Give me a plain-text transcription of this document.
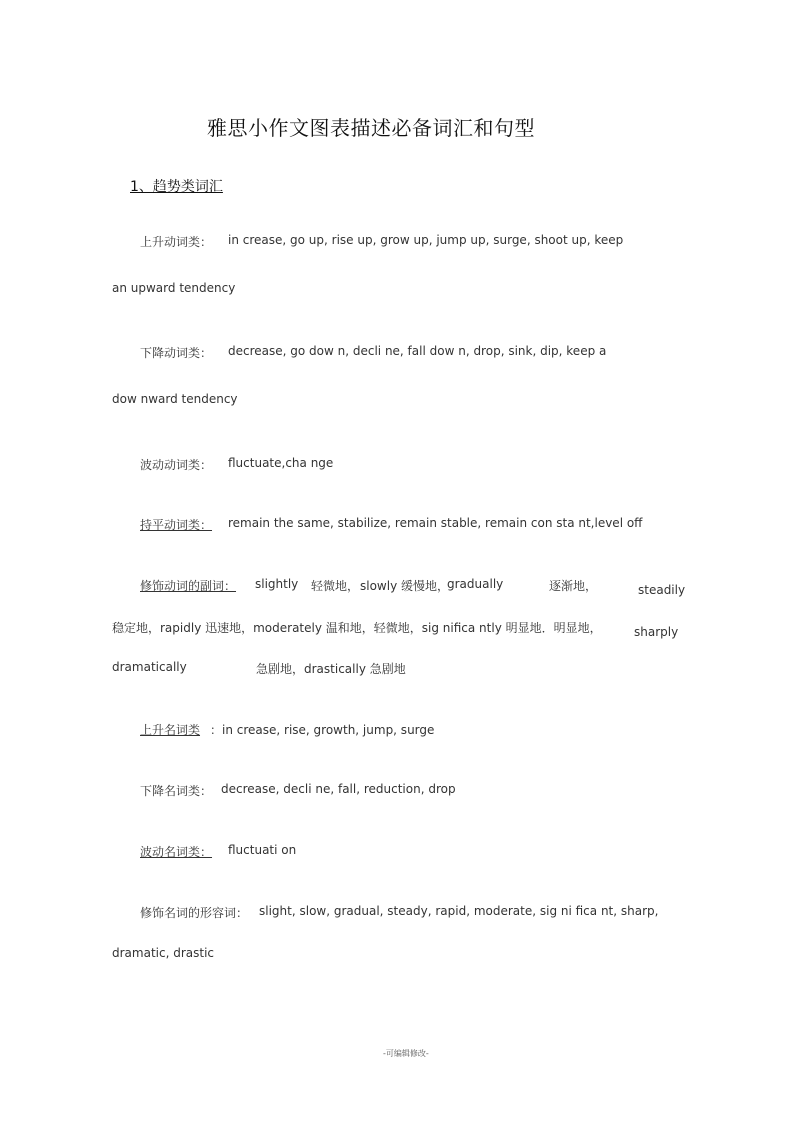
雅思小作文图表描述必备词汇和句型
1、趋势类词汇
上升动词类： in crease, go up, rise up, grow up, jump up, surge, shoot up, keep
an upward tendency
下降动词类： decrease, go dow n, decli ne, fall dow n, drop, sink, dip, keep a
dow nward tendency
波动动词类： fluctuate,cha nge
持平动词类： remain the same, stabilize, remain stable, remain con sta nt,level off
修饰动词的副词： slightly 轻微地， slowly 缓慢地，
gradually	逐渐地，	steadily
稳定地，rapidly 迅速地，moderately 温和地，轻微地，sig nifica ntly 明显地．明显地，	sharply
dramatically	急剧地，drastically 急剧地
上升名词类 ：in crease, rise, growth, jump, surge
下降名词类： decrease, decli ne, fall, reduction, drop
波动名词类： fluctuati on
修饰名词的形容词： slight, slow, gradual, steady, rapid, moderate, sig ni fica nt, sharp,
dramatic, drastic
-可编辑修改-
